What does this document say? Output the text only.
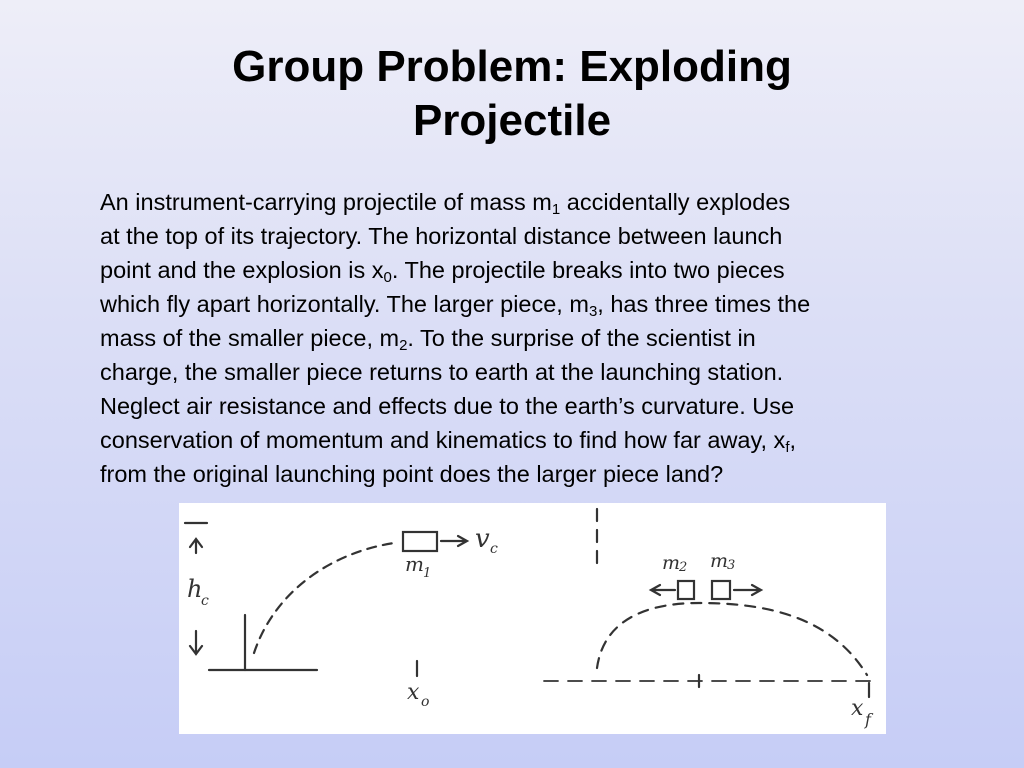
Group Problem: Exploding
Projectile
An instrument-carrying projectile of mass $m_1$ accidentally explodes
at the top of its trajectory. The horizontal distance between launch
point and the explosion is $x_0$. The projectile breaks into two pieces
which fly apart horizontally. The larger piece, $m_3$, has three times the
mass of the smaller piece, $m_2$. To the surprise of the scientist in
charge, the smaller piece returns to earth at the launching station.
Neglect air resistance and effects due to the earth’s curvature. Use
conservation of momentum and kinematics to find how far away, $x_f$,
from the original launching point does the larger piece land?
h
c
v c
m 1	m
2 m
3
x o	x f
